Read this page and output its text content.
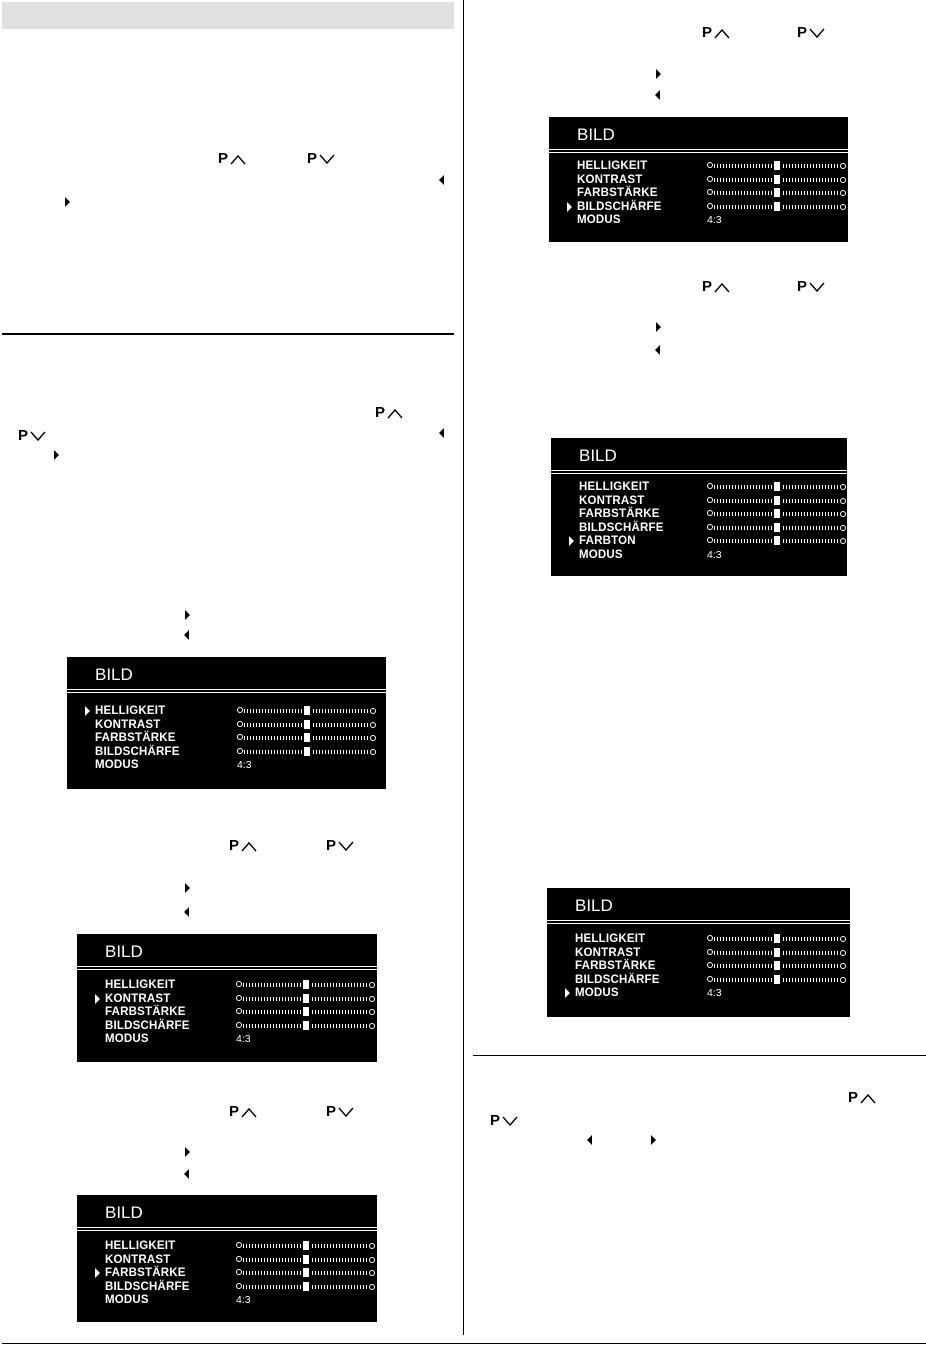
P	P
P
P
P	P
P	P
P	P
P	P
P
P
BILD
HELLIGKEIT
KONTRAST
FARBSTÄRKE
BILDSCHÄRFE
MODUS	4:3
BILD
HELLIGKEIT
KONTRAST
FARBSTÄRKE
BILDSCHÄRFE
MODUS	4:3
BILD
HELLIGKEIT
KONTRAST
FARBSTÄRKE
BILDSCHÄRFE
MODUS	4:3
BILD
HELLIGKEIT
KONTRAST
FARBSTÄRKE
BILDSCHÄRFE
MODUS	4:3
BILD
HELLIGKEIT
KONTRAST
FARBSTÄRKE
BILDSCHÄRFE
FARBTON
MODUS	4:3
BILD
HELLIGKEIT
KONTRAST
FARBSTÄRKE
BILDSCHÄRFE
MODUS	4:3
